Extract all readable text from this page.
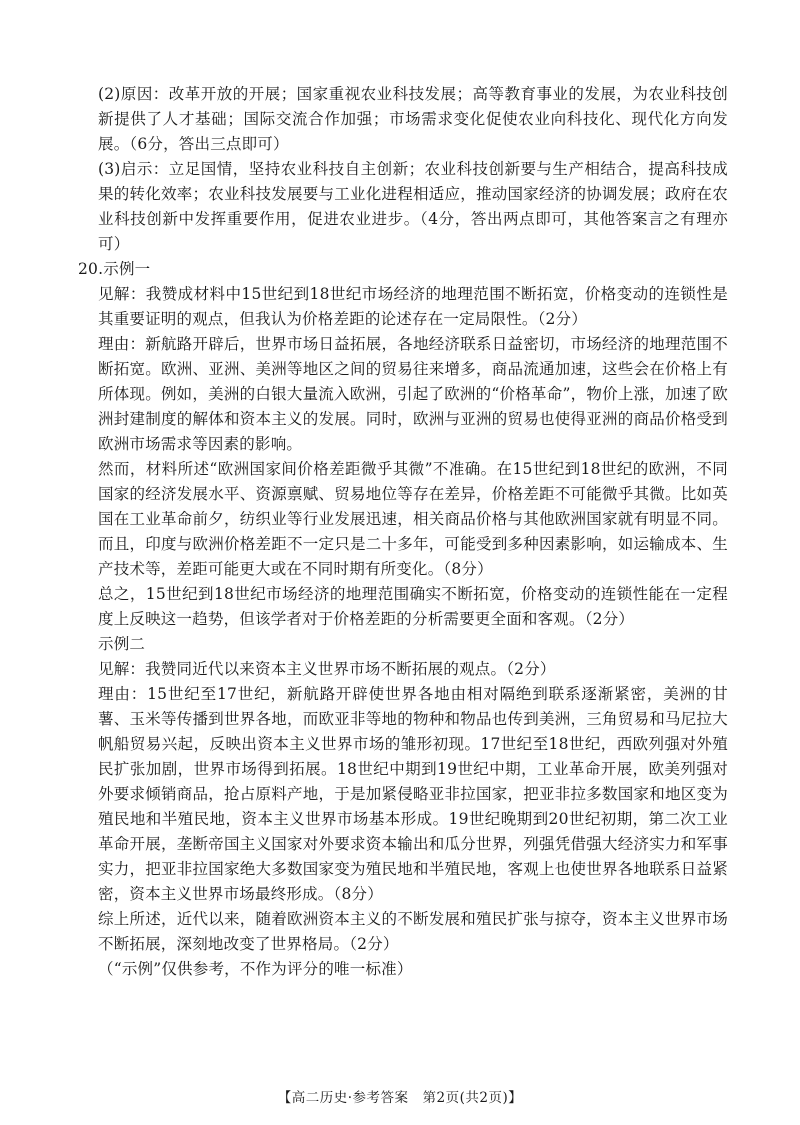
(2)原因：改革开放的开展；国家重视农业科技发展；高等教育事业的发展，为农业科技创新提供了人才基础；国际交流合作加强；市场需求变化促使农业向科技化、现代化方向发展。（6分，答出三点即可）

(3)启示：立足国情，坚持农业科技自主创新；农业科技创新要与生产相结合，提高科技成果的转化效率；农业科技发展要与工业化进程相适应，推动国家经济的协调发展；政府在农业科技创新中发挥重要作用，促进农业进步。（4分，答出两点即可，其他答案言之有理亦可）

20.示例一

见解：我赞成材料中15世纪到18世纪市场经济的地理范围不断拓宽，价格变动的连锁性是其重要证明的观点，但我认为价格差距的论述存在一定局限性。（2分）

理由：新航路开辟后，世界市场日益拓展，各地经济联系日益密切，市场经济的地理范围不断拓宽。欧洲、亚洲、美洲等地区之间的贸易往来增多，商品流通加速，这些会在价格上有所体现。例如，美洲的白银大量流入欧洲，引起了欧洲的“价格革命”，物价上涨，加速了欧洲封建制度的解体和资本主义的发展。同时，欧洲与亚洲的贸易也使得亚洲的商品价格受到欧洲市场需求等因素的影响。

然而，材料所述“欧洲国家间价格差距微乎其微”不准确。在15世纪到18世纪的欧洲，不同国家的经济发展水平、资源禀赋、贸易地位等存在差异，价格差距不可能微乎其微。比如英国在工业革命前夕，纺织业等行业发展迅速，相关商品价格与其他欧洲国家就有明显不同。而且，印度与欧洲价格差距不一定只是二十多年，可能受到多种因素影响，如运输成本、生产技术等，差距可能更大或在不同时期有所变化。（8分）

总之，15世纪到18世纪市场经济的地理范围确实不断拓宽，价格变动的连锁性能在一定程度上反映这一趋势，但该学者对于价格差距的分析需要更全面和客观。（2分）

示例二

见解：我赞同近代以来资本主义世界市场不断拓展的观点。（2分）

理由：15世纪至17世纪，新航路开辟使世界各地由相对隔绝到联系逐渐紧密，美洲的甘薯、玉米等传播到世界各地，而欧亚非等地的物种和物品也传到美洲，三角贸易和马尼拉大帆船贸易兴起，反映出资本主义世界市场的雏形初现。17世纪至18世纪，西欧列强对外殖民扩张加剧，世界市场得到拓展。18世纪中期到19世纪中期，工业革命开展，欧美列强对外要求倾销商品，抢占原料产地，于是加紧侵略亚非拉国家，把亚非拉多数国家和地区变为殖民地和半殖民地，资本主义世界市场基本形成。19世纪晚期到20世纪初期，第二次工业革命开展，垄断帝国主义国家对外要求资本输出和瓜分世界，列强凭借强大经济实力和军事实力，把亚非拉国家绝大多数国家变为殖民地和半殖民地，客观上也使世界各地联系日益紧密，资本主义世界市场最终形成。（8分）

综上所述，近代以来，随着欧洲资本主义的不断发展和殖民扩张与掠夺，资本主义世界市场不断拓展，深刻地改变了世界格局。（2分）

（“示例”仅供参考，不作为评分的唯一标准）

【高二历史·参考答案　第2页(共2页)】
